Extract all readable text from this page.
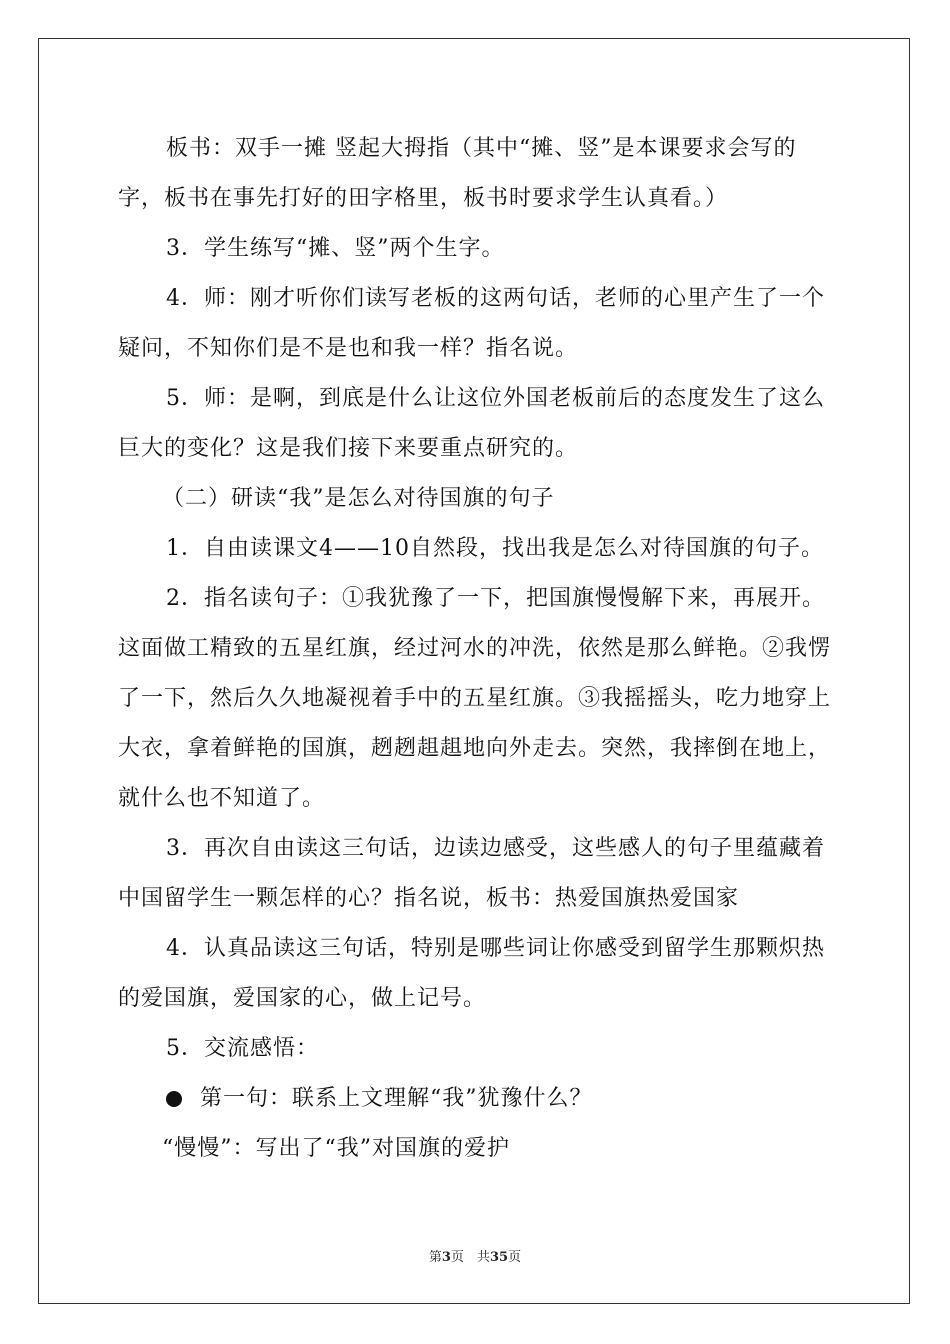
板书：双手一摊 竖起大拇指（其中“摊、竖”是本课要求会写的字，板书在事先打好的田字格里，板书时要求学生认真看。）

3．学生练写“摊、竖”两个生字。

4．师：刚才听你们读写老板的这两句话，老师的心里产生了一个疑问，不知你们是不是也和我一样？指名说。

5．师：是啊，到底是什么让这位外国老板前后的态度发生了这么巨大的变化？这是我们接下来要重点研究的。

（二）研读“我”是怎么对待国旗的句子

1．自由读课文4——10自然段，找出我是怎么对待国旗的句子。

2．指名读句子：①我犹豫了一下，把国旗慢慢解下来，再展开。这面做工精致的五星红旗，经过河水的冲洗，依然是那么鲜艳。②我愣了一下，然后久久地凝视着手中的五星红旗。③我摇摇头，吃力地穿上大衣，拿着鲜艳的国旗，趔趔趄趄地向外走去。突然，我摔倒在地上，就什么也不知道了。

3．再次自由读这三句话，边读边感受，这些感人的句子里蕴藏着中国留学生一颗怎样的心？指名说，板书：热爱国旗热爱国家

4．认真品读这三句话，特别是哪些词让你感受到留学生那颗炽热的爱国旗，爱国家的心，做上记号。

5．交流感悟：

第一句：联系上文理解“我”犹豫什么？

“慢慢”：写出了“我”对国旗的爱护

第3页　共35页
